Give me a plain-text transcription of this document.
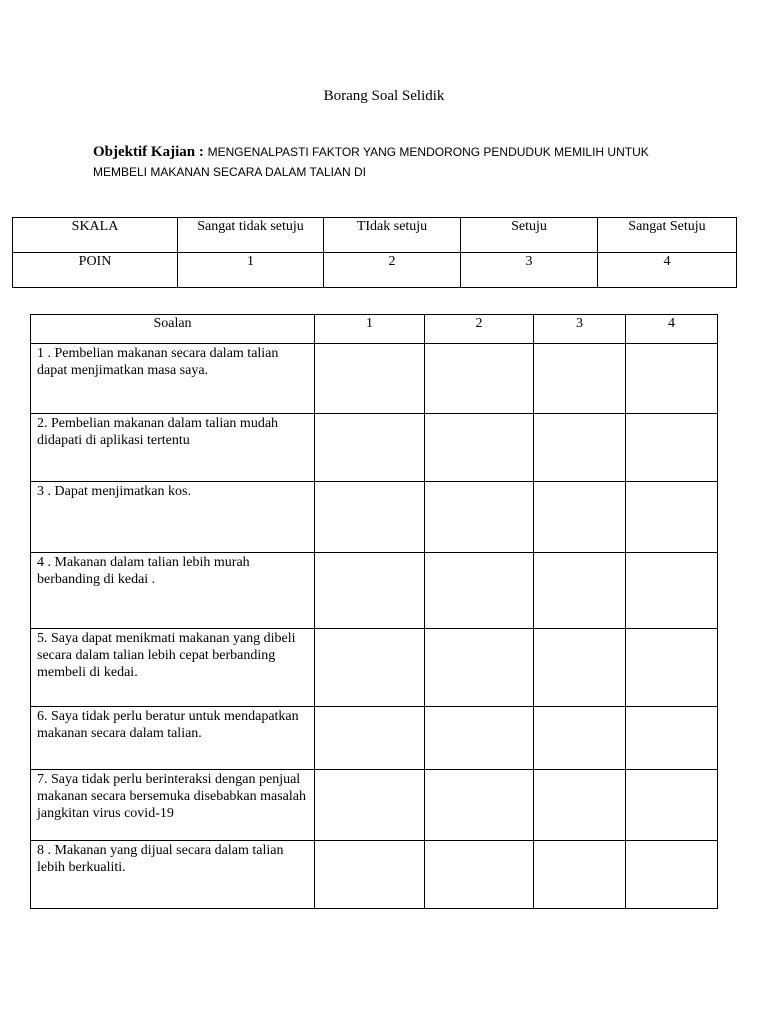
Borang Soal Selidik
Objektif Kajian : MENGENALPASTI FAKTOR YANG MENDORONG PENDUDUK MEMILIH UNTUK MEMBELI MAKANAN SECARA DALAM TALIAN DI
SKALA	Sangat tidak setuju	TIdak setuju	Setuju	Sangat Setuju
POIN	1	2	3	4
Soalan	1	2	3	4
1 . Pembelian makanan secara dalam talian dapat menjimatkan masa saya.				
2. Pembelian makanan dalam talian mudah didapati di aplikasi tertentu				
3 . Dapat menjimatkan kos.				
4 . Makanan dalam talian lebih murah berbanding di kedai .				
5. Saya dapat menikmati makanan yang dibeli secara dalam talian lebih cepat berbanding membeli di kedai.				
6. Saya tidak perlu beratur untuk mendapatkan makanan secara dalam talian.				
7. Saya tidak perlu berinteraksi dengan penjual makanan secara bersemuka disebabkan masalah jangkitan virus covid-19				
8 . Makanan yang dijual secara dalam talian lebih berkualiti.				
